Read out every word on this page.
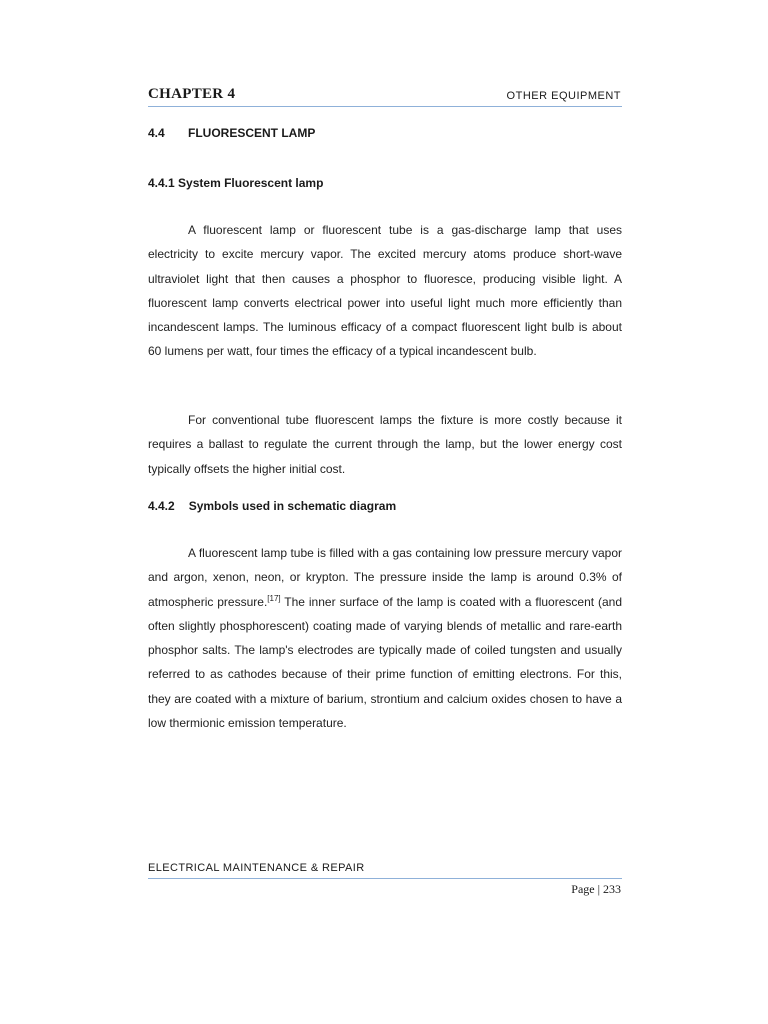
CHAPTER 4	OTHER EQUIPMENT
4.4 FLUORESCENT LAMP
4.4.1 System Fluorescent lamp

A fluorescent lamp or fluorescent tube is a gas-discharge lamp that uses electricity to excite mercury vapor. The excited mercury atoms produce short-wave ultraviolet light that then causes a phosphor to fluoresce, producing visible light. A fluorescent lamp converts electrical power into useful light much more efficiently than incandescent lamps. The luminous efficacy of a compact fluorescent light bulb is about 60 lumens per watt, four times the efficacy of a typical incandescent bulb.

For conventional tube fluorescent lamps the fixture is more costly because it requires a ballast to regulate the current through the lamp, but the lower energy cost typically offsets the higher initial cost.

4.4.2 Symbols used in schematic diagram

A fluorescent lamp tube is filled with a gas containing low pressure mercury vapor and argon, xenon, neon, or krypton. The pressure inside the lamp is around 0.3% of atmospheric pressure.[17] The inner surface of the lamp is coated with a fluorescent (and often slightly phosphorescent) coating made of varying blends of metallic and rare-earth phosphor salts. The lamp's electrodes are typically made of coiled tungsten and usually referred to as cathodes because of their prime function of emitting electrons. For this, they are coated with a mixture of barium, strontium and calcium oxides chosen to have a low thermionic emission temperature.

ELECTRICAL MAINTENANCE & REPAIR
Page | 233
